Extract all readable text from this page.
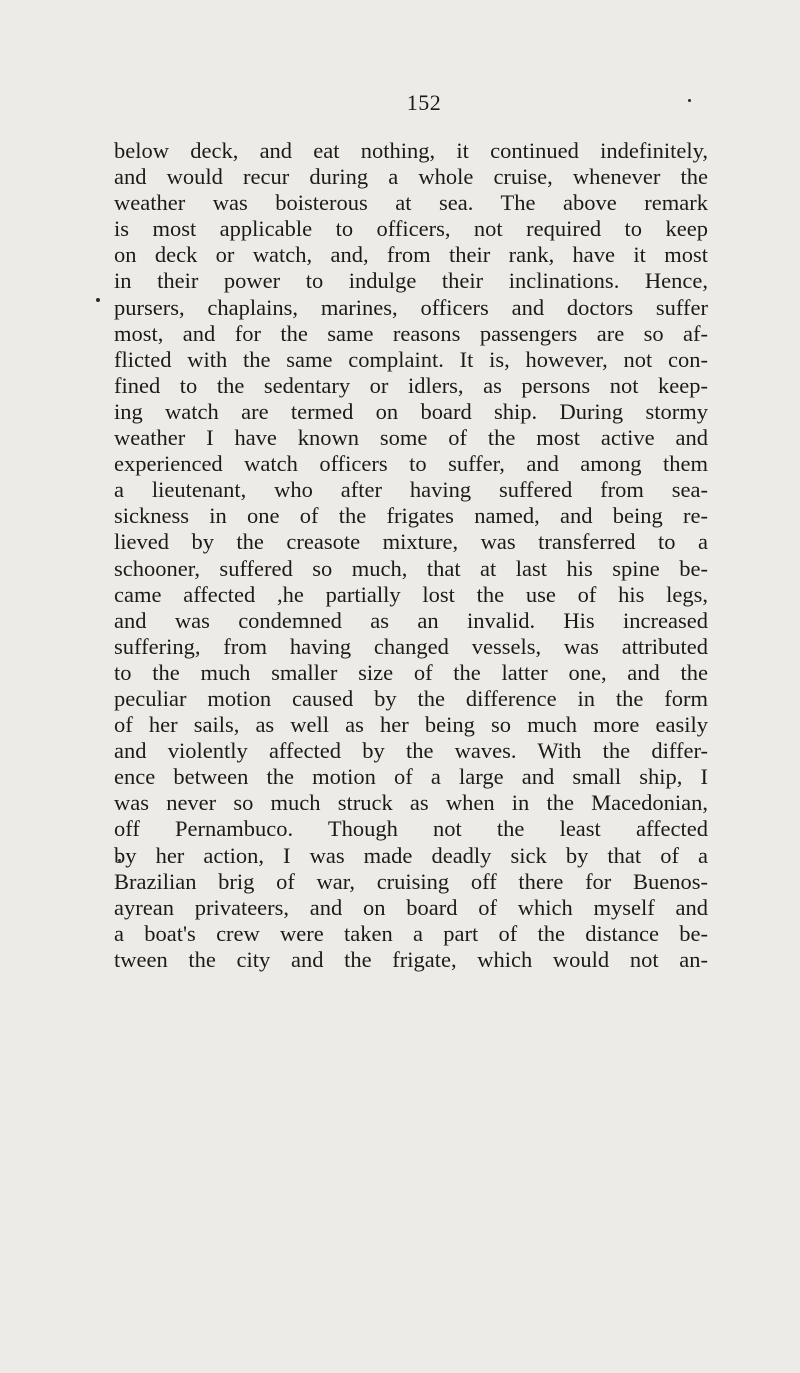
152
below deck, and eat nothing, it continued indefinitely,
and would recur during a whole cruise, whenever the
weather was boisterous at sea. The above remark
is most applicable to officers, not required to keep
on deck or watch, and, from their rank, have it most
in their power to indulge their inclinations. Hence,
pursers, chaplains, marines, officers and doctors suffer
most, and for the same reasons passengers are so af-
flicted with the same complaint. It is, however, not con-
fined to the sedentary or idlers, as persons not keep-
ing watch are termed on board ship. During stormy
weather I have known some of the most active and
experienced watch officers to suffer, and among them
a lieutenant, who after having suffered from sea-
sickness in one of the frigates named, and being re-
lieved by the creasote mixture, was transferred to a
schooner, suffered so much, that at last his spine be-
came affected ,he partially lost the use of his legs,
and was condemned as an invalid. His increased
suffering, from having changed vessels, was attributed
to the much smaller size of the latter one, and the
peculiar motion caused by the difference in the form
of her sails, as well as her being so much more easily
and violently affected by the waves. With the differ-
ence between the motion of a large and small ship, I
was never so much struck as when in the Macedonian,
off Pernambuco. Though not the least affected
by her action, I was made deadly sick by that of a
Brazilian brig of war, cruising off there for Buenos-
ayrean privateers, and on board of which myself and
a boat's crew were taken a part of the distance be-
tween the city and the frigate, which would not an-
